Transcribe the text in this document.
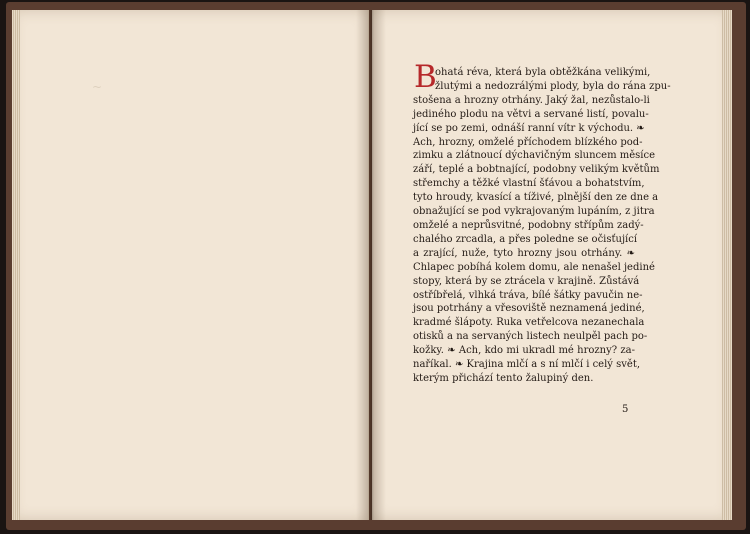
~	B
ohatá réva, která byla obtěžkána velikými,
žlutými a nedozrálými plody, byla do rána zpu-
stošena a hrozny otrhány. Jaký žal, nezůstalo-li
jediného plodu na větvi a servané listí, povalu-
jící se po zemi, odnáší ranní vítr k východu. ❧
Ach, hrozny, omželé příchodem blízkého pod-
zimku a zlátnoucí dýchavičným sluncem měsíce
září, teplé a bobtnající, podobny velikým květům
střemchy a těžké vlastní šťávou a bohatstvím,
tyto hroudy, kvasící a tíživé, plnější den ze dne a
obnažující se pod vykrajovaným lupáním, z jitra
omželé a neprůsvitné, podobny střípům zadý-
chalého zrcadla, a přes poledne se očisťující
a zrající, nuže, tyto hrozny jsou otrhány. ❧
Chlapec pobíhá kolem domu, ale nenašel jediné
stopy, která by se ztrácela v krajině. Zůstává
ostříbřelá, vlhká tráva, bílé šátky pavučin ne-
jsou potrhány a vřesoviště neznamená jediné,
kradmé šlápoty. Ruka vetřelcova nezanechala
otisků a na servaných listech neulpěl pach po-
kožky. ❧ Ach, kdo mi ukradl mé hrozny? za-
naříkal. ❧ Krajina mlčí a s ní mlčí i celý svět,
kterým přichází tento žalupiný den.
5
